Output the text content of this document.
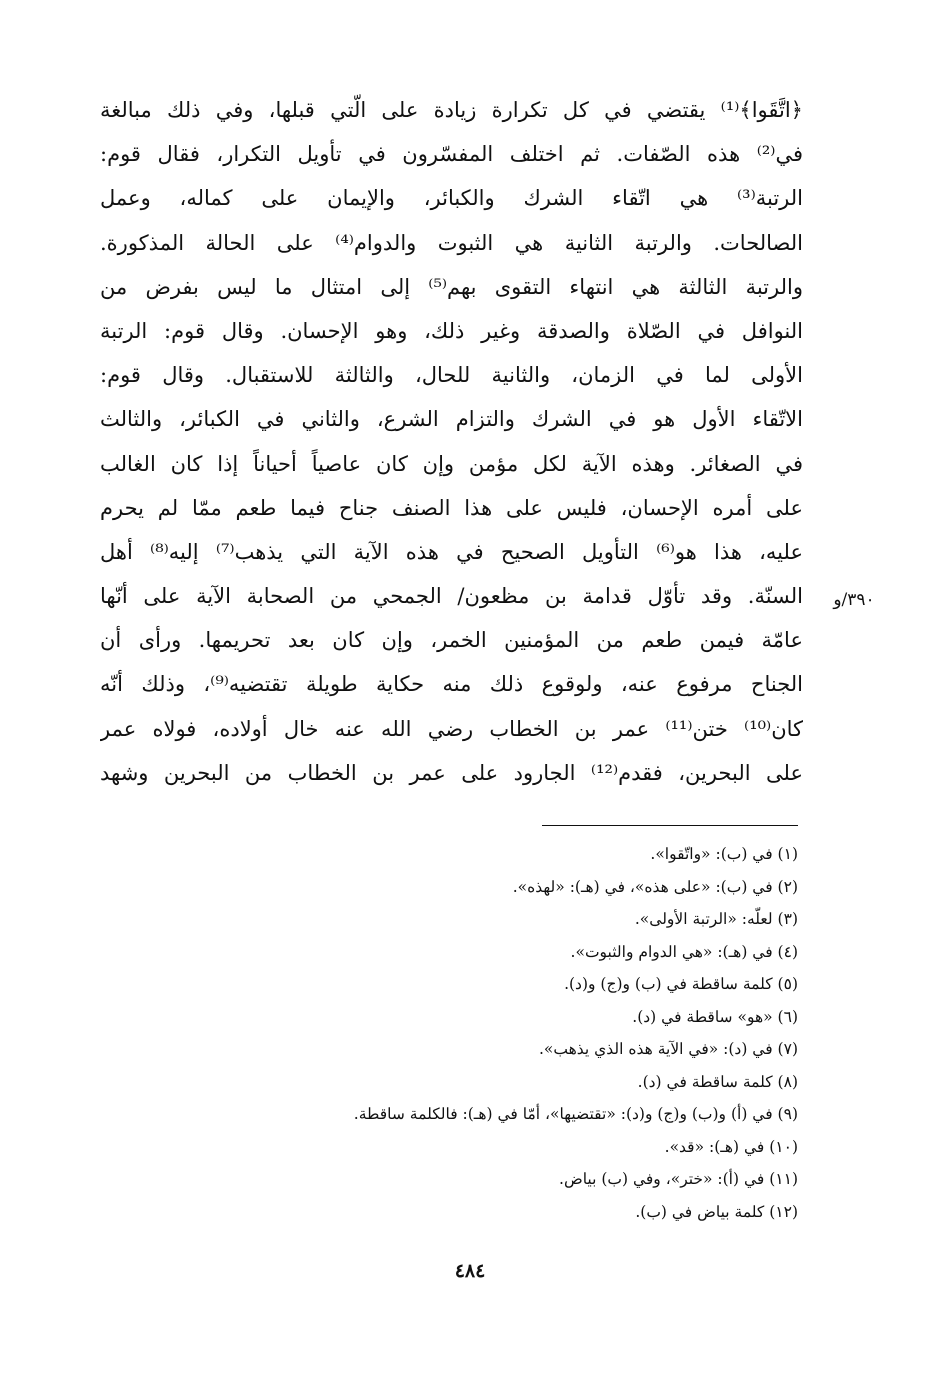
﴿اتَّقَوا﴾⁽¹⁾ يقتضي في كل تكرارة زيادة على الّتي قبلها، وفي ذلك مبالغة
في⁽²⁾ هذه الصّفات. ثم اختلف المفسّرون في تأويل التكرار، فقال قوم:
الرتبة⁽³⁾ هي اتّقاء الشرك والكبائر، والإيمان على كماله، وعمل
الصالحات. والرتبة الثانية هي الثبوت والدوام⁽⁴⁾ على الحالة المذكورة.
والرتبة الثالثة هي انتهاء التقوى بهم⁽⁵⁾ إلى امتثال ما ليس بفرض من
النوافل في الصّلاة والصدقة وغير ذلك، وهو الإحسان. وقال قوم: الرتبة
الأولى لما في الزمان، والثانية للحال، والثالثة للاستقبال. وقال قوم:
الاتّقاء الأول هو في الشرك والتزام الشرع، والثاني في الكبائر، والثالث
في الصغائر. وهذه الآية لكل مؤمن وإن كان عاصياً أحياناً إذا كان الغالب
على أمره الإحسان، فليس على هذا الصنف جناح فيما طعم ممّا لم يحرم
عليه، هذا هو⁽⁶⁾ التأويل الصحيح في هذه الآية التي يذهب⁽⁷⁾ إليه⁽⁸⁾ أهل
السنّة. وقد تأوّل قدامة بن مظعون/ الجمحي من الصحابة الآية على أنّها
عامّة فيمن طعم من المؤمنين الخمر، وإن كان بعد تحريمها. ورأى أن
الجناح مرفوع عنه، ولوقوع ذلك منه حكاية طويلة تقتضيه⁽⁹⁾، وذلك أنّه
كان⁽¹⁰⁾ ختن⁽¹¹⁾ عمر بن الخطاب رضي الله عنه خال أولاده، فولاه عمر
على البحرين، فقدم⁽¹²⁾ الجارود على عمر بن الخطاب من البحرين وشهد
٣٩٠/و
(١) في (ب): «واتّقوا».
(٢) في (ب): «على هذه»، في (هـ): «لهذه».
(٣) لعلّه: «الرتبة الأولى».
(٤) في (هـ): «هي الدوام والثبوت».
(٥) كلمة ساقطة في (ب) و(ج) و(د).
(٦) «هو» ساقطة في (د).
(٧) في (د): «في الآية هذه الذي يذهب».
(٨) كلمة ساقطة في (د).
(٩) في (أ) و(ب) و(ج) و(د): «تقتضيها»، أمّا في (هـ): فالكلمة ساقطة.
(١٠) في (هـ): «قد».
(١١) في (أ): «ختر»، وفي (ب) بياض.
(١٢) كلمة بياض في (ب).
٤٨٤
